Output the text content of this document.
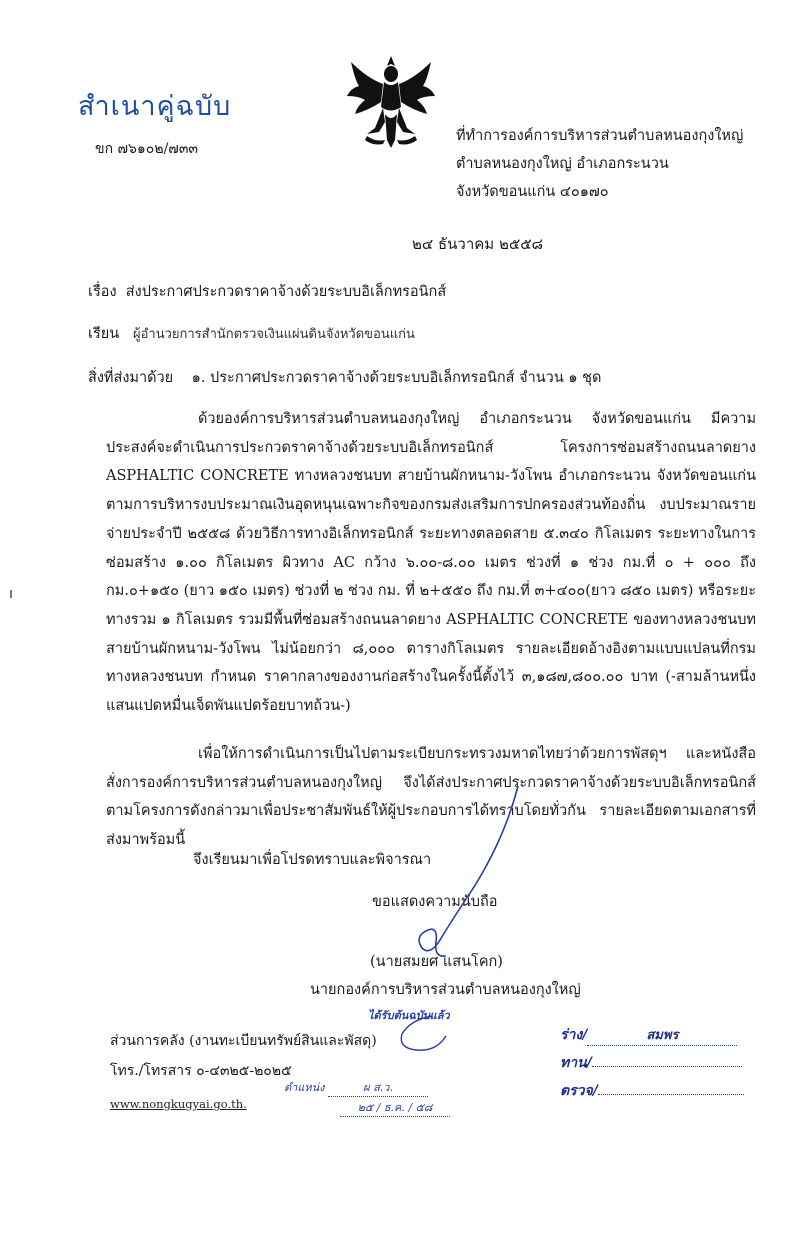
สำเนาคู่ฉบับ
ขก ๗๖๑๐๒/๗๓๓
ที่ทำการองค์การบริหารส่วนตำบลหนองกุงใหญ่
ตำบลหนองกุงใหญ่ อำเภอกระนวน
จังหวัดขอนแก่น ๔๐๑๗๐
๒๔ ธันวาคม ๒๕๕๘
เรื่อง ส่งประกาศประกวดราคาจ้างด้วยระบบอิเล็กทรอนิกส์
เรียน ผู้อำนวยการสำนักตรวจเงินแผ่นดินจังหวัดขอนแก่น
สิ่งที่ส่งมาด้วย ๑. ประกาศประกวดราคาจ้างด้วยระบบอิเล็กทรอนิกส์ จำนวน ๑ ชุด

ด้วยองค์การบริหารส่วนตำบลหนองกุงใหญ่ อำเภอกระนวน จังหวัดขอนแก่น มีความประสงค์จะดำเนินการประกวดราคาจ้างด้วยระบบอิเล็กทรอนิกส์ โครงการซ่อมสร้างถนนลาดยาง ASPHALTIC CONCRETE ทางหลวงชนบท สายบ้านผักหนาม-วังโพน อำเภอกระนวน จังหวัดขอนแก่น ตามการบริหารงบประมาณเงินอุดหนุนเฉพาะกิจของกรมส่งเสริมการปกครองส่วนท้องถิ่น งบประมาณรายจ่ายประจำปี ๒๕๕๘ ด้วยวิธีการทางอิเล็กทรอนิกส์ ระยะทางตลอดสาย ๕.๓๔๐ กิโลเมตร ระยะทางในการซ่อมสร้าง ๑.๐๐ กิโลเมตร ผิวทาง AC กว้าง ๖.๐๐-๘.๐๐ เมตร ช่วงที่ ๑ ช่วง กม.ที่ ๐ + ๐๐๐ ถึง กม.๐+๑๕๐ (ยาว ๑๕๐ เมตร) ช่วงที่ ๒ ช่วง กม. ที่ ๒+๕๕๐ ถึง กม.ที่ ๓+๔๐๐(ยาว ๘๕๐ เมตร) หรือระยะทางรวม ๑ กิโลเมตร รวมมีพื้นที่ซ่อมสร้างถนนลาดยาง ASPHALTIC CONCRETE ของทางหลวงชนบท สายบ้านผักหนาม-วังโพน ไม่น้อยกว่า ๘,๐๐๐ ตารางกิโลเมตร รายละเอียดอ้างอิงตามแบบแปลนที่กรมทางหลวงชนบท กำหนด ราคากลางของงานก่อสร้างในครั้งนี้ตั้งไว้ ๓,๑๘๗,๘๐๐.๐๐ บาท (-สามล้านหนึ่งแสนแปดหมื่นเจ็ดพันแปดร้อยบาทถ้วน-)

เพื่อให้การดำเนินการเป็นไปตามระเบียบกระทรวงมหาดไทยว่าด้วยการพัสดุฯ และหนังสือสั่งการองค์การบริหารส่วนตำบลหนองกุงใหญ่ จึงได้ส่งประกาศประกวดราคาจ้างด้วยระบบอิเล็กทรอนิกส์ตามโครงการดังกล่าวมาเพื่อประชาสัมพันธ์ให้ผู้ประกอบการได้ทราบโดยทั่วกัน รายละเอียดตามเอกสารที่ส่งมาพร้อมนี้

จึงเรียนมาเพื่อโปรดทราบและพิจารณา
ขอแสดงความนับถือ
(นายสมยศ แสนโคก)
นายกองค์การบริหารส่วนตำบลหนองกุงใหญ่
ได้รับต้นฉบับแล้ว
ตำแหน่ง	ผ ส.ว.
๒๕ / ธ.ค. / ๕๘
ส่วนการคลัง (งานทะเบียนทรัพย์สินและพัสดุ)
โทร./โทรสาร ๐-๔๓๒๕-๒๐๒๕
www.nongkugyai.go.th.
ร่าง/	สมพร
ทาน/
ตรวจ/
